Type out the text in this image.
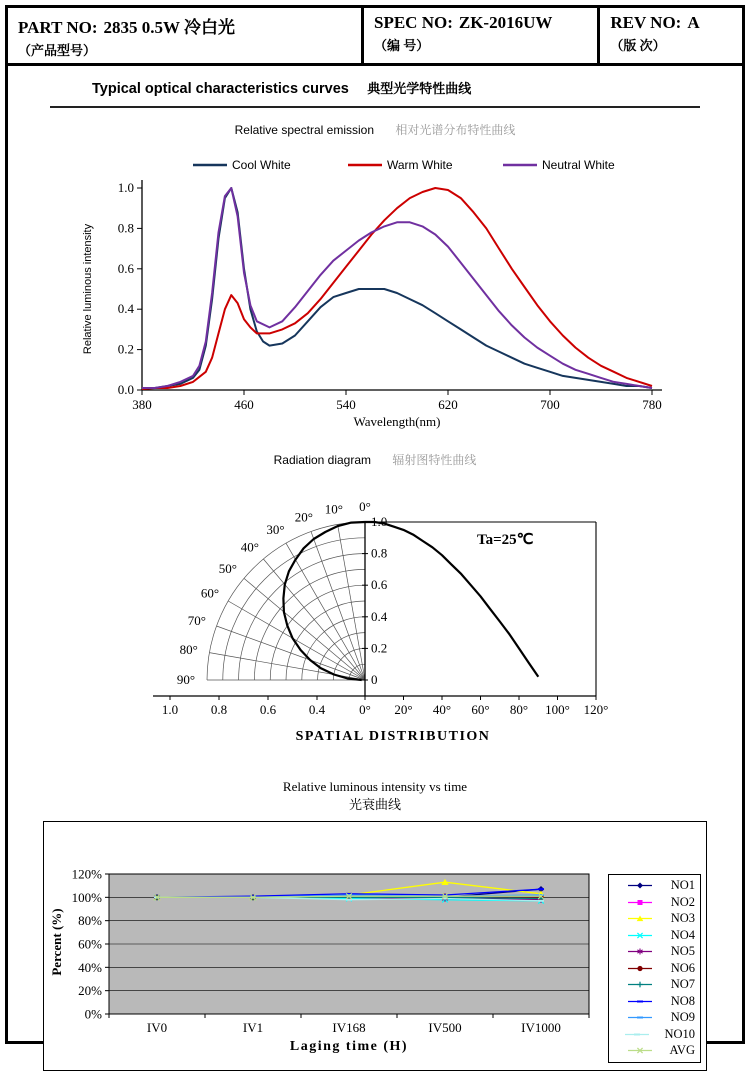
PART NO: 2835 0.5W 冷白光
（产品型号）
SPEC NO: ZK-2016UW
（编 号）
REV NO: A
（版 次）
Typical optical characteristics curves 典型光学特性曲线
Relative spectral emission 相对光谱分布特性曲线
380	460	540	620	700	780
0.0
0.2
0.4
0.6
0.8
1.0
Cool White	Warm White	Neutral White
Wavelength(nm)
Relative luminous intensity
Radiation diagram 辐射图特性曲线
0°
10°
20°
30°
40°
50°
60°
70°
80°
90°
1.0
0.8
0.6
0.4
0.2
0
1.0	0.8	0.6	0.4	0° 20° 40° 60° 80° 100° 120°
Ta=25℃
SPATIAL DISTRIBUTION
Relative luminous intensity vs time
光衰曲线
Percent (%)
0%
20%
40%
60%
80%
100%
120%
IV0	IV1	IV168	IV500	IV1000
Laging time (H)
NO1
NO2
NO3
NO4
NO5
NO6
NO7
NO8
NO9
NO10
AVG
